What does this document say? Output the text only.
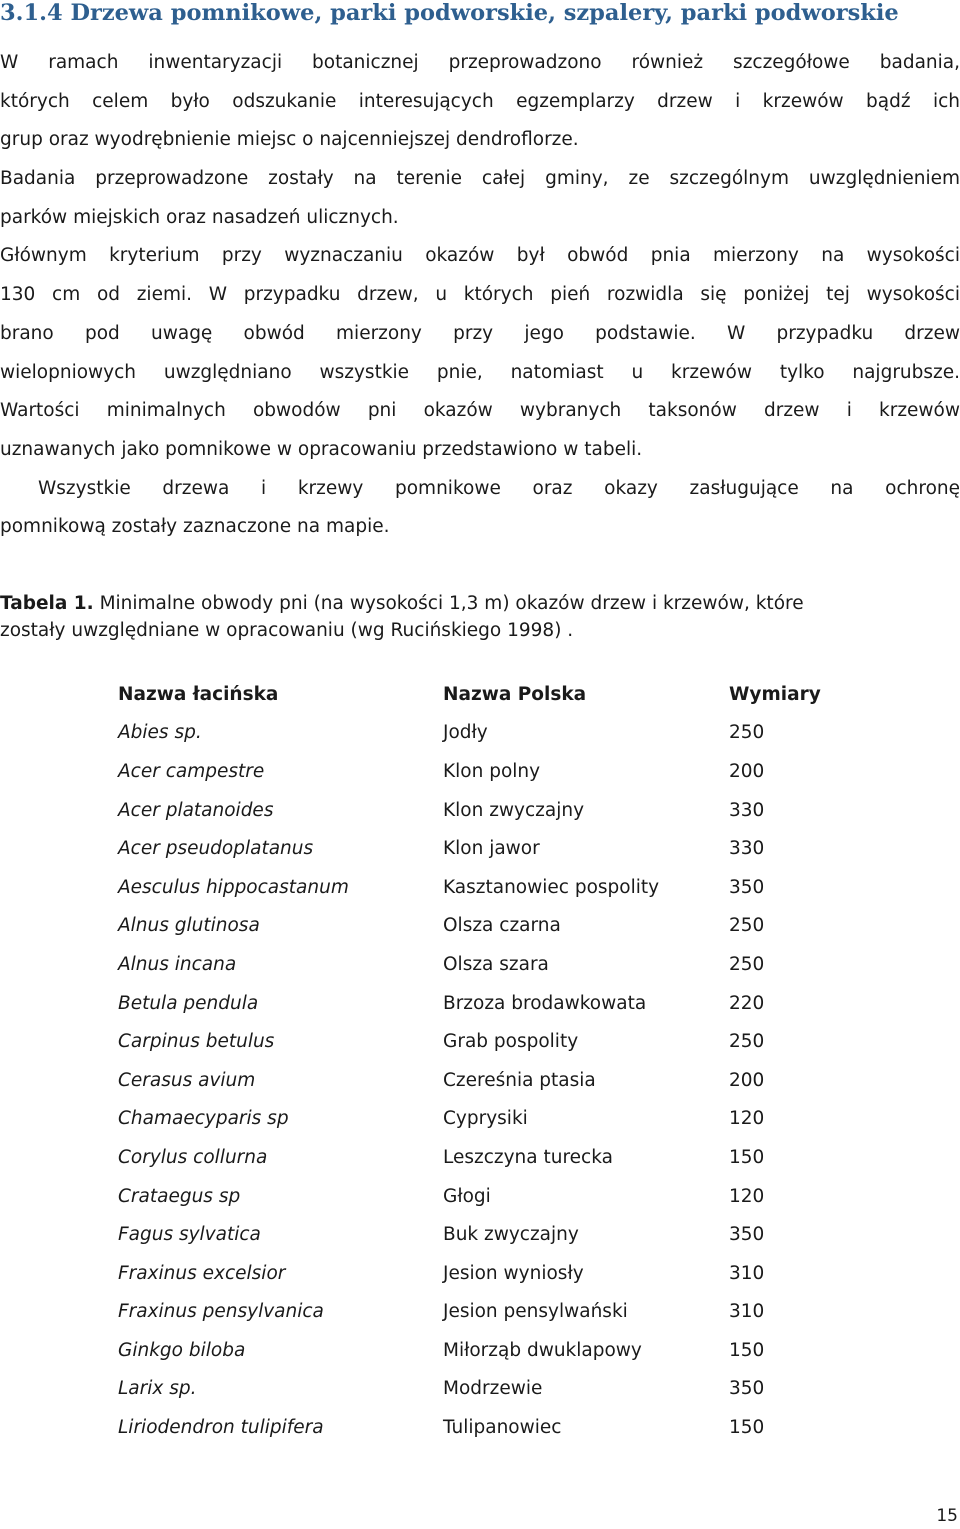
3.1.4 Drzewa pomnikowe, parki podworskie, szpalery, parki podworskie
W ramach inwentaryzacji botanicznej przeprowadzono również szczegółowe badania,
których celem było odszukanie interesujących egzemplarzy drzew i krzewów bądź ich
grup oraz wyodrębnienie miejsc o najcenniejszej dendroflorze.
Badania przeprowadzone zostały na terenie całej gminy, ze szczególnym uwzględnieniem
parków miejskich oraz nasadzeń ulicznych.
Głównym kryterium przy wyznaczaniu okazów był obwód pnia mierzony na wysokości
130 cm od ziemi. W przypadku drzew, u których pień rozwidla się poniżej tej wysokości
brano pod uwagę obwód mierzony przy jego podstawie. W przypadku drzew
wielopniowych uwzględniano wszystkie pnie, natomiast u krzewów tylko najgrubsze.
Wartości minimalnych obwodów pni okazów wybranych taksonów drzew i krzewów
uznawanych jako pomnikowe w opracowaniu przedstawiono w tabeli.
Wszystkie drzewa i krzewy pomnikowe oraz okazy zasługujące na ochronę
pomnikową zostały zaznaczone na mapie.
Tabela 1. Minimalne obwody pni (na wysokości 1,3 m) okazów drzew i krzewów, które
zostały uwzględniane w opracowaniu (wg Rucińskiego 1998) .
Nazwa łacińska	Nazwa Polska	Wymiary
Abies sp.	Jodły	250
Acer campestre	Klon polny	200
Acer platanoides	Klon zwyczajny	330
Acer pseudoplatanus	Klon jawor	330
Aesculus hippocastanum	Kasztanowiec pospolity	350
Alnus glutinosa	Olsza czarna	250
Alnus incana	Olsza szara	250
Betula pendula	Brzoza brodawkowata	220
Carpinus betulus	Grab pospolity	250
Cerasus avium	Czereśnia ptasia	200
Chamaecyparis sp	Cyprysiki	120
Corylus collurna	Leszczyna turecka	150
Crataegus sp	Głogi	120
Fagus sylvatica	Buk zwyczajny	350
Fraxinus excelsior	Jesion wyniosły	310
Fraxinus pensylvanica	Jesion pensylwański	310
Ginkgo biloba	Miłorząb dwuklapowy	150
Larix sp.	Modrzewie	350
Liriodendron tulipifera	Tulipanowiec	150
15
